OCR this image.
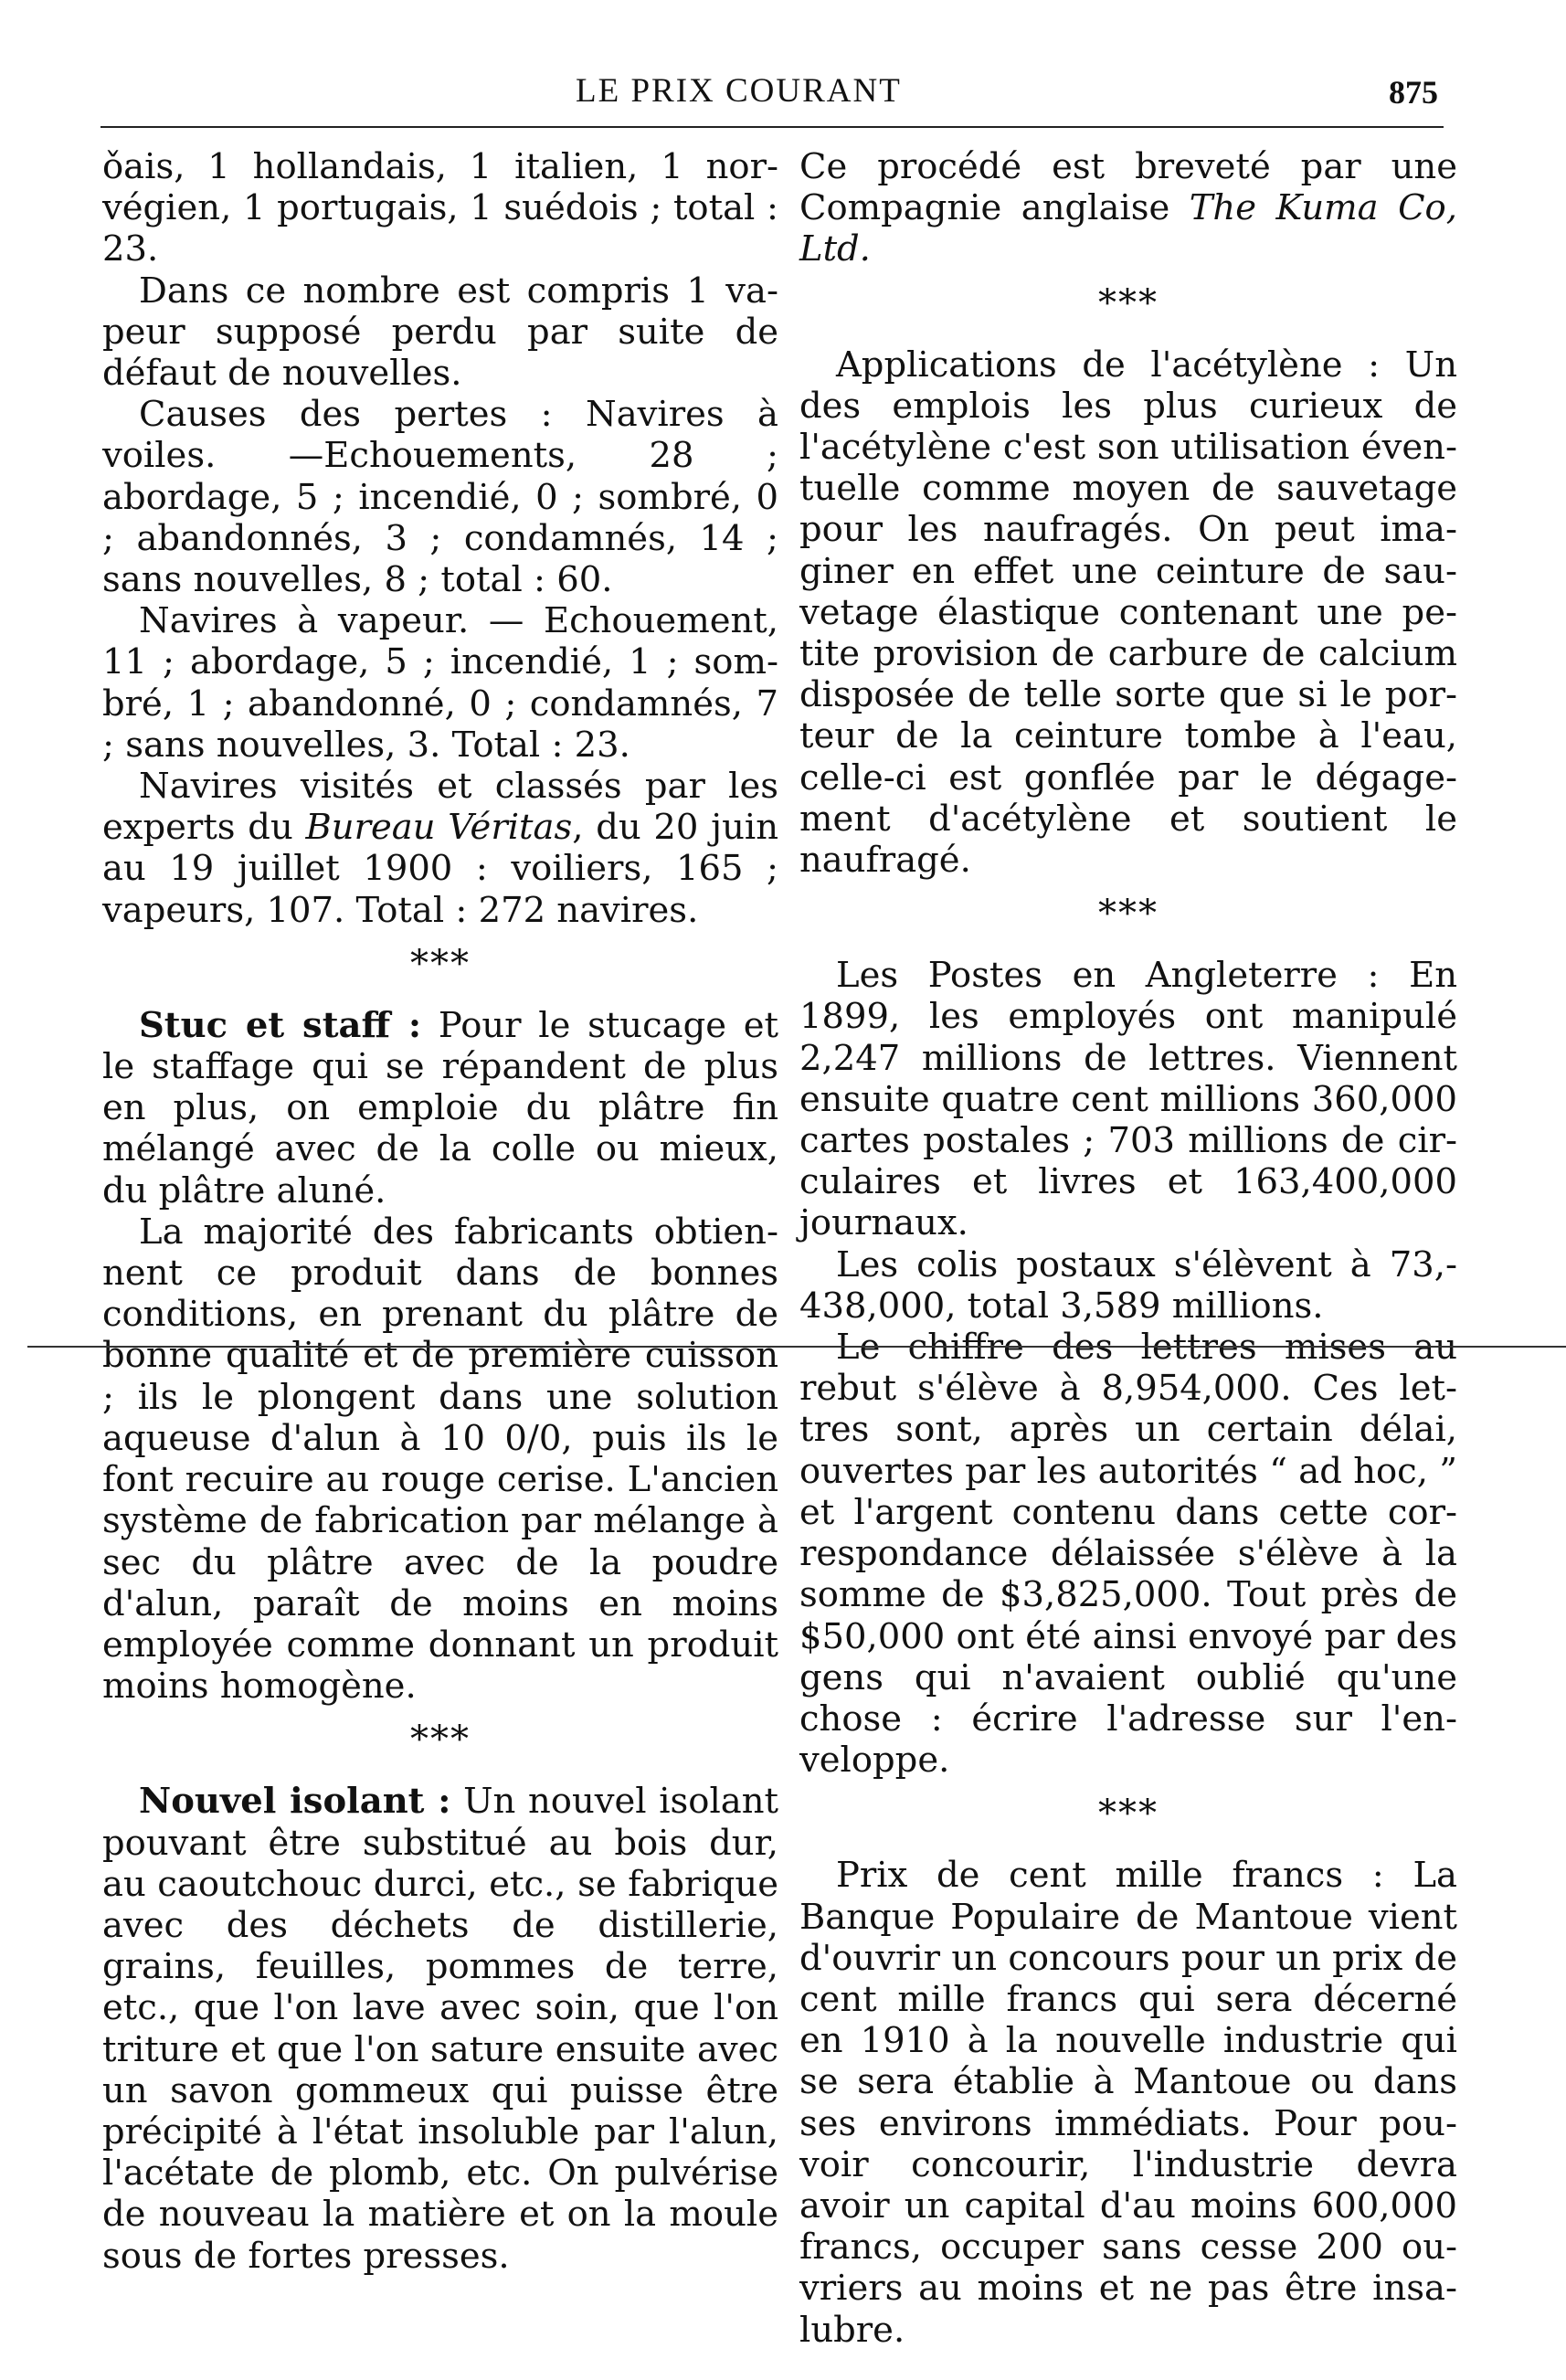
LE PRIX COURANT	875

ǒais, 1 hollandais, 1 italien, 1 norvégien, 1 portugais, 1 suédois ; total : 23.

Dans ce nombre est compris 1 vapeur supposé perdu par suite de défaut de nouvelles.

Causes des pertes : Navires à voiles. —Echouements, 28 ; abordage, 5 ; incendié, 0 ; sombré, 0 ; abandonnés, 3 ; condamnés, 14 ; sans nouvelles, 8 ; total : 60.

Navires à vapeur. — Echouement, 11 ; abordage, 5 ; incendié, 1 ; sombré, 1 ; abandonné, 0 ; condamnés, 7 ; sans nouvelles, 3. Total : 23.

Navires visités et classés par les experts du Bureau Véritas, du 20 juin au 19 juillet 1900 : voiliers, 165 ; vapeurs, 107. Total : 272 navires.

***

Stuc et staff : Pour le stucage et le staffage qui se répandent de plus en plus, on emploie du plâtre fin mélangé avec de la colle ou mieux, du plâtre aluné.

La majorité des fabricants obtiennent ce produit dans de bonnes conditions, en prenant du plâtre de bonne qualité et de première cuisson ; ils le plongent dans une solution aqueuse d'alun à 10 0/0, puis ils le font recuire au rouge cerise. L'ancien système de fabrication par mélange à sec du plâtre avec de la poudre d'alun, paraît de moins en moins employée comme donnant un produit moins homogène.

***

Nouvel isolant : Un nouvel isolant pouvant être substitué au bois dur, au caoutchouc durci, etc., se fabrique avec des déchets de distillerie, grains, feuilles, pommes de terre, etc., que l'on lave avec soin, que l'on triture et que l'on sature ensuite avec un savon gommeux qui puisse être précipité à l'état insoluble par l'alun, l'acétate de plomb, etc. On pulvérise de nouveau la matière et on la moule sous de fortes presses.

Ce procédé est breveté par une Compagnie anglaise The Kuma Co, Ltd.

***

Applications de l'acétylène : Un des emplois les plus curieux de l'acétylène c'est son utilisation éventuelle comme moyen de sauvetage pour les naufragés. On peut imaginer en effet une ceinture de sauvetage élastique contenant une petite provision de carbure de calcium disposée de telle sorte que si le porteur de la ceinture tombe à l'eau, celle-ci est gonflée par le dégagement d'acétylène et soutient le naufragé.

***

Les Postes en Angleterre : En 1899, les employés ont manipulé 2,247 millions de lettres. Viennent ensuite quatre cent millions 360,000 cartes postales ; 703 millions de circulaires et livres et 163,400,000 journaux.

Les colis postaux s'élèvent à 73,438,000, total 3,589 millions.

Le chiffre des lettres mises au rebut s'élève à 8,954,000. Ces lettres sont, après un certain délai, ouvertes par les autorités “ ad hoc, ” et l'argent contenu dans cette correspondance délaissée s'élève à la somme de $3,825,000. Tout près de $50,000 ont été ainsi envoyé par des gens qui n'avaient oublié qu'une chose : écrire l'adresse sur l'enveloppe.

***

Prix de cent mille francs : La Banque Populaire de Mantoue vient d'ouvrir un concours pour un prix de cent mille francs qui sera décerné en 1910 à la nouvelle industrie qui se sera établie à Mantoue ou dans ses environs immédiats. Pour pouvoir concourir, l'industrie devra avoir un capital d'au moins 600,000 francs, occuper sans cesse 200 ouvriers au moins et ne pas être insalubre.
